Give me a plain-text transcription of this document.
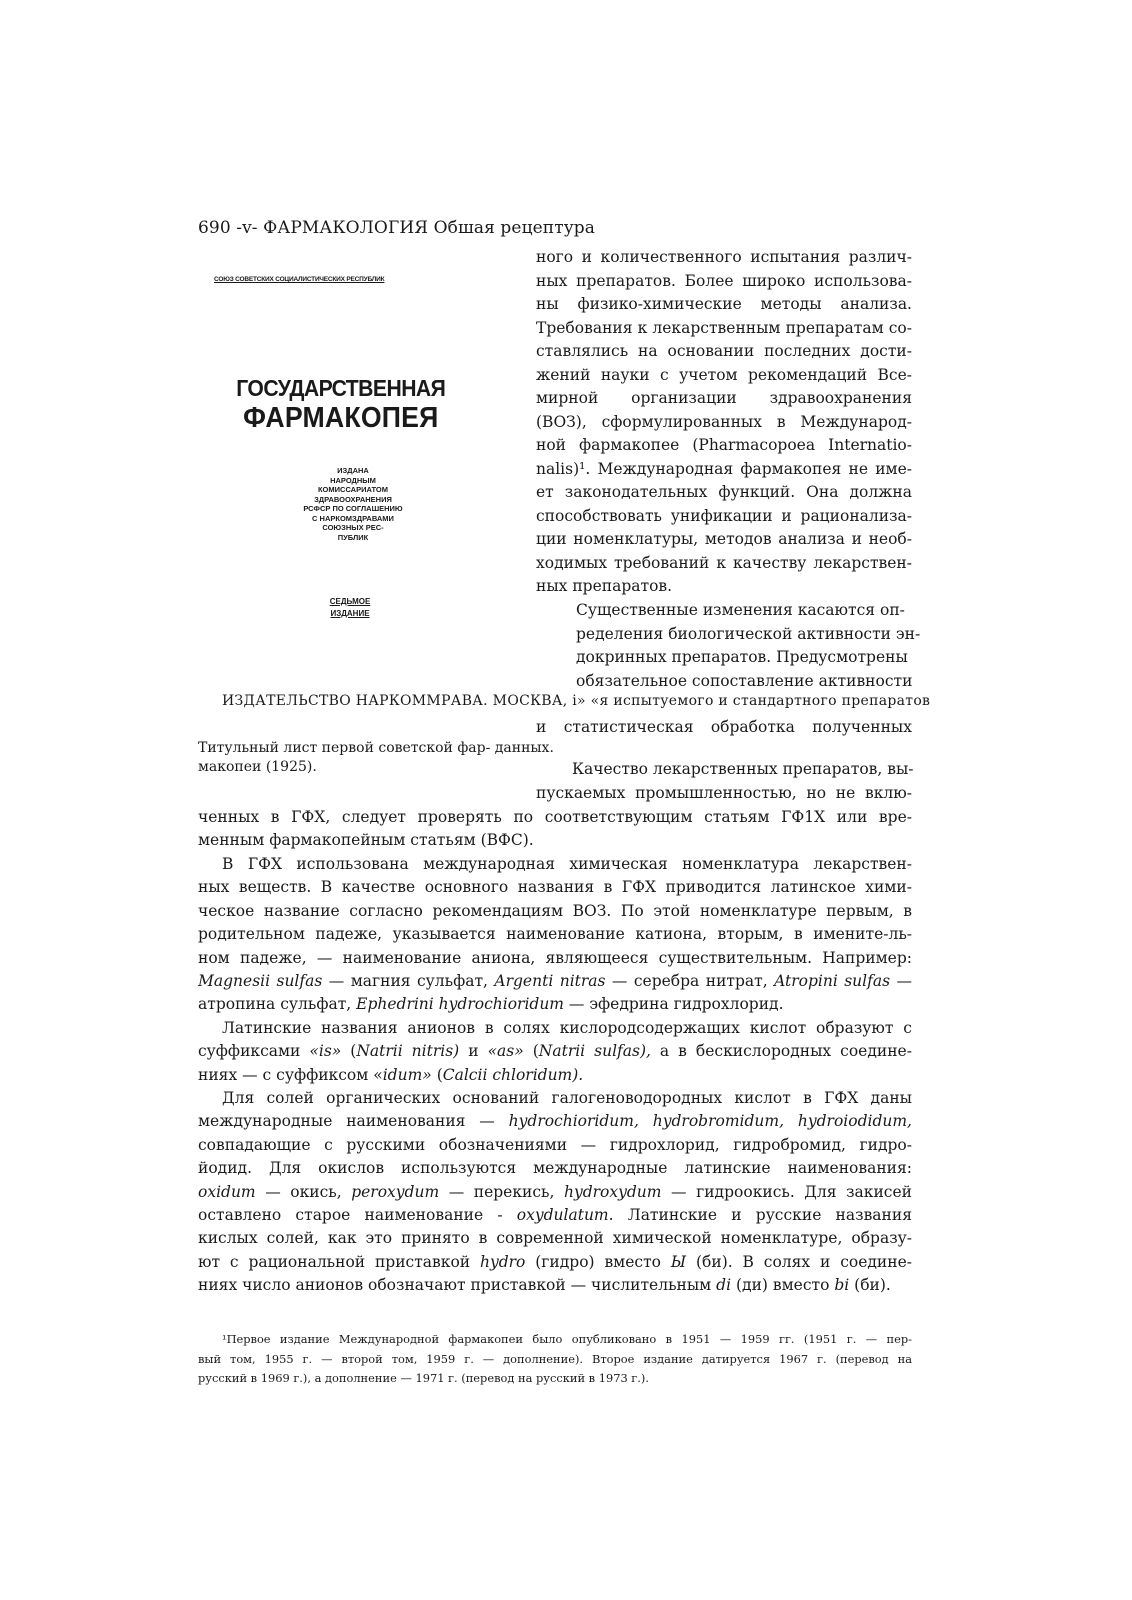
690 -v- ФАРМАКОЛОГИЯ Обшая рецептура
СОЮЗ СОВЕТСКИХ СОЦИАЛИСТИЧЕСКИХ РЕСПУБЛИК
ГОСУДАРСТВЕННАЯ
ФАРМАКОПЕЯ
ИЗДАНА
НАРОДНЫМ
КОМИССАРИАТОМ
ЗДРАВООХРАНЕНИЯ
РСФСР ПО СОГЛАШЕНИЮ
С НАРКОМЗДРАВАМИ
СОЮЗНЫХ РЕС-
ПУБЛИК
СЕДЬМОЕ
ИЗДАНИЕ
ИЗДАТЕЛЬСТВО НАРКОММРАВА. МОСКВА, i» «я испытуемого и стандартного препаратов
ного и количественного испытания различ-
ных препаратов. Более широко использова-
ны физико-химические методы анализа.
Требования к лекарственным препаратам со-
ставлялись на основании последних дости-
жений науки с учетом рекомендаций Все-
мирной организации здравоохранения
(ВОЗ), сформулированных в Международ-
ной фармакопее (Pharmacopoea Internatio-
nalis)¹. Международная фармакопея не име-
ет законодательных функций. Она должна
способствовать унификации и рационализа-
ции номенклатуры, методов анализа и необ-
ходимых требований к качеству лекарствен-
ных препаратов.
Существенные изменения касаются оп-
ределения биологической активности эн-
докринных препаратов. Предусмотрены
обязательное сопоставление активности
и статистическая обработка полученных
Титульный лист первой советской фар- данных.
макопеи (1925).	Качество лекарственных препаратов, вы-
пускаемых промышленностью, но не вклю-
ченных в ГФХ, следует проверять по соответствующим статьям ГФ1Х или вре-
менным фармакопейным статьям (ВФС).
В ГФХ использована международная химическая номенклатура лекарствен-
ных веществ. В качестве основного названия в ГФХ приводится латинское хими-
ческое название согласно рекомендациям ВОЗ. По этой номенклатуре первым, в
родительном падеже, указывается наименование катиона, вторым, в имените-ль-
ном падеже, — наименование аниона, являющееся существительным. Например:
Magnesii sulfas — магния сульфат, Argenti nitras — серебра нитрат, Atropini sulfas —
атропина сульфат, Ephedrini hydrochioridum — эфедрина гидрохлорид.
Латинские названия анионов в солях кислородсодержащих кислот образуют с
суффиксами «is» (Natrii nitris) и «as» (Natrii sulfas), а в бескислородных соедине-
ниях — с суффиксом «idum» (Calcii chloridum).
Для солей органических оснований галогеноводородных кислот в ГФХ даны
международные наименования — hydrochioridum, hydrobromidum, hydroiodidum,
совпадающие с русскими обозначениями — гидрохлорид, гидробромид, гидро-
йодид. Для окислов используются международные латинские наименования:
oxidum — окись, peroxydum — перекись, hydroxydum — гидроокись. Для закисей
оставлено старое наименование - oxydulatum. Латинские и русские названия
кислых солей, как это принято в современной химической номенклатуре, образу-
ют с рациональной приставкой hydro (гидро) вместо Ы (би). В солях и соедине-
ниях число анионов обозначают приставкой — числительным di (ди) вместо bi (би).
¹Первое издание Международной фармакопеи было опубликовано в 1951 — 1959 гг. (1951 г. — пер-
вый том, 1955 г. — второй том, 1959 г. — дополнение). Второе издание датируется 1967 г. (перевод на
русский в 1969 г.), а дополнение — 1971 г. (перевод на русский в 1973 г.).
